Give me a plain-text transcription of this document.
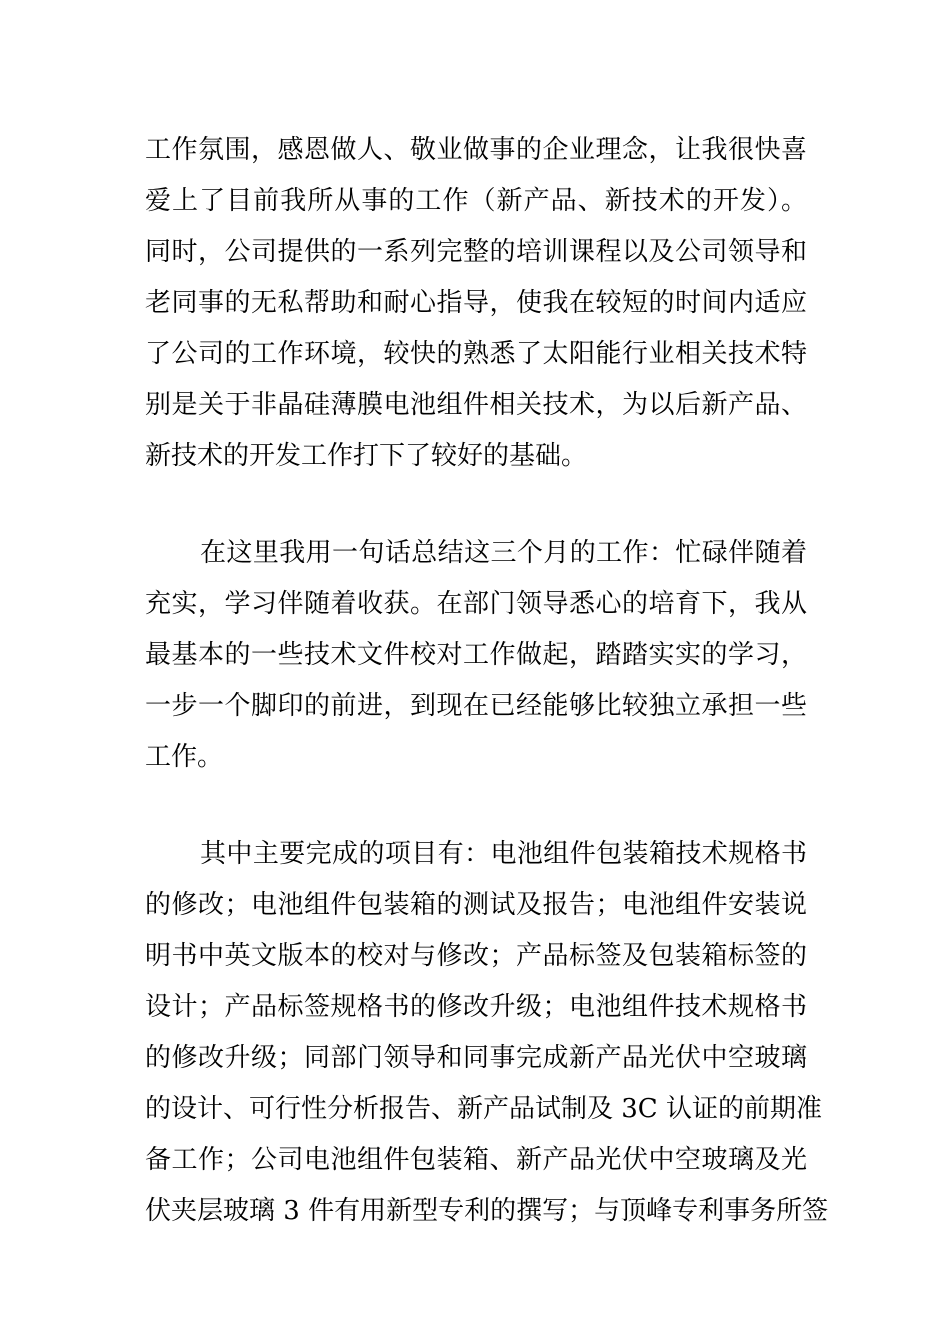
工作氛围，感恩做人、敬业做事的企业理念，让我很快喜
爱上了目前我所从事的工作（新产品、新技术的开发）。
同时，公司提供的一系列完整的培训课程以及公司领导和
老同事的无私帮助和耐心指导，使我在较短的时间内适应
了公司的工作环境，较快的熟悉了太阳能行业相关技术特
别是关于非晶硅薄膜电池组件相关技术，为以后新产品、
新技术的开发工作打下了较好的基础。
在这里我用一句话总结这三个月的工作：忙碌伴随着
充实，学习伴随着收获。在部门领导悉心的培育下，我从
最基本的一些技术文件校对工作做起，踏踏实实的学习，
一步一个脚印的前进，到现在已经能够比较独立承担一些
工作。
其中主要完成的项目有：电池组件包装箱技术规格书
的修改；电池组件包装箱的测试及报告；电池组件安装说
明书中英文版本的校对与修改；产品标签及包装箱标签的
设计；产品标签规格书的修改升级；电池组件技术规格书
的修改升级；同部门领导和同事完成新产品光伏中空玻璃
的设计、可行性分析报告、新产品试制及 3C 认证的前期准
备工作；公司电池组件包装箱、新产品光伏中空玻璃及光
伏夹层玻璃 3 件有用新型专利的撰写；与顶峰专利事务所签
